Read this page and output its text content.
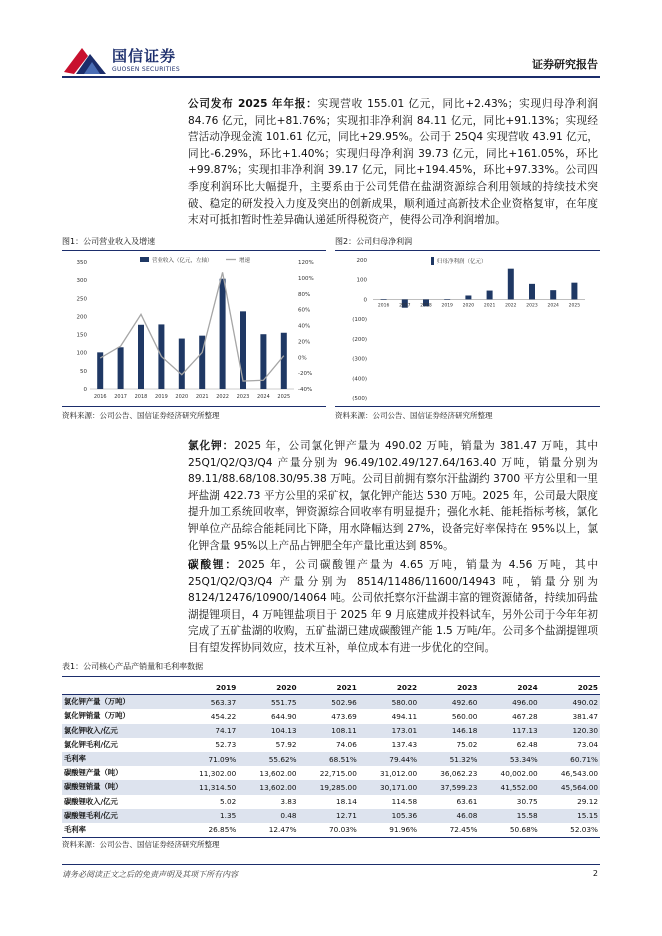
国信证券
GUOSEN SECURITIES	证券研究报告
公司发布 2025 年年报：实现营收 155.01 亿元，同比+2.43%；实现归母净利润 84.76 亿元，同比+81.76%；实现扣非净利润 84.11 亿元，同比+91.13%；实现经营活动净现金流 101.61 亿元，同比+29.95%。公司于 25Q4 实现营收 43.91 亿元，同比-6.29%，环比+1.40%；实现归母净利润 39.73 亿元，同比+161.05%，环比+99.87%；实现扣非净利润 39.17 亿元，同比+194.45%，环比+97.33%。公司四季度利润环比大幅提升，主要系由于公司凭借在盐湖资源综合利用领域的持续技术突破、稳定的研发投入力度及突出的创新成果，顺利通过高新技术企业资格复审，在年度末对可抵扣暂时性差异确认递延所得税资产，使得公司净利润增加。
图1：公司营业收入及增速
0
50
100
150
200
250
300
350
-40%
-20%
0%
20%
40%
60%
80%
100%
120%
2016 2017 2018 2019 2020 2021 2022 2023 2024 2025
营业收入（亿元，左轴）	增速
资料来源：公司公告、国信证券经济研究所整理
图2：公司归母净利润
200
100
0
(100)
(200)
(300)
(400)
(500)
2016 2017 2018 2019 2020 2021 2022 2023 2024 2025
归母净利润（亿元）
资料来源：公司公告、国信证券经济研究所整理
氯化钾：2025 年，公司氯化钾产量为 490.02 万吨，销量为 381.47 万吨，其中 25Q1/Q2/Q3/Q4 产量分别为 96.49/102.49/127.64/163.40 万吨，销量分别为 89.11/88.68/108.30/95.38 万吨。公司目前拥有察尔汗盐湖约 3700 平方公里和一里坪盐湖 422.73 平方公里的采矿权，氯化钾产能达 530 万吨。2025 年，公司最大限度提升加工系统回收率，钾资源综合回收率有明显提升；强化水耗、能耗指标考核，氯化钾单位产品综合能耗同比下降，用水降幅达到 27%，设备完好率保持在 95%以上，氯化钾含量 95%以上产品占钾肥全年产量比重达到 85%。
碳酸锂：2025 年，公司碳酸锂产量为 4.65 万吨，销量为 4.56 万吨，其中 25Q1/Q2/Q3/Q4 产量分别为 8514/11486/11600/14943 吨，销量分别为 8124/12476/10900/14064 吨。公司依托察尔汗盐湖丰富的锂资源储备，持续加码盐湖提锂项目，4 万吨锂盐项目于 2025 年 9 月底建成并投料试车，另外公司于今年年初完成了五矿盐湖的收购，五矿盐湖已建成碳酸锂产能 1.5 万吨/年。公司多个盐湖提锂项目有望发挥协同效应，技术互补，单位成本有进一步优化的空间。
表1：公司核心产品产销量和毛利率数据
	2019	2020	2021	2022	2023	2024	2025
氯化钾产量（万吨）	563.37	551.75	502.96	580.00	492.60	496.00	490.02
氯化钾销量（万吨）	454.22	644.90	473.69	494.11	560.00	467.28	381.47
氯化钾收入/亿元	74.17	104.13	108.11	173.01	146.18	117.13	120.30
氯化钾毛利/亿元	52.73	57.92	74.06	137.43	75.02	62.48	73.04
毛利率	71.09%	55.62%	68.51%	79.44%	51.32%	53.34%	60.71%
碳酸锂产量（吨）	11,302.00	13,602.00	22,715.00	31,012.00	36,062.23	40,002.00	46,543.00
碳酸锂销量（吨）	11,314.50	13,602.00	19,285.00	30,171.00	37,599.23	41,552.00	45,564.00
碳酸锂收入/亿元	5.02	3.83	18.14	114.58	63.61	30.75	29.12
碳酸锂毛利/亿元	1.35	0.48	12.71	105.36	46.08	15.58	15.15
毛利率	26.85%	12.47%	70.03%	91.96%	72.45%	50.68%	52.03%
资料来源：公司公告、国信证券经济研究所整理
请务必阅读正文之后的免责声明及其项下所有内容	2
